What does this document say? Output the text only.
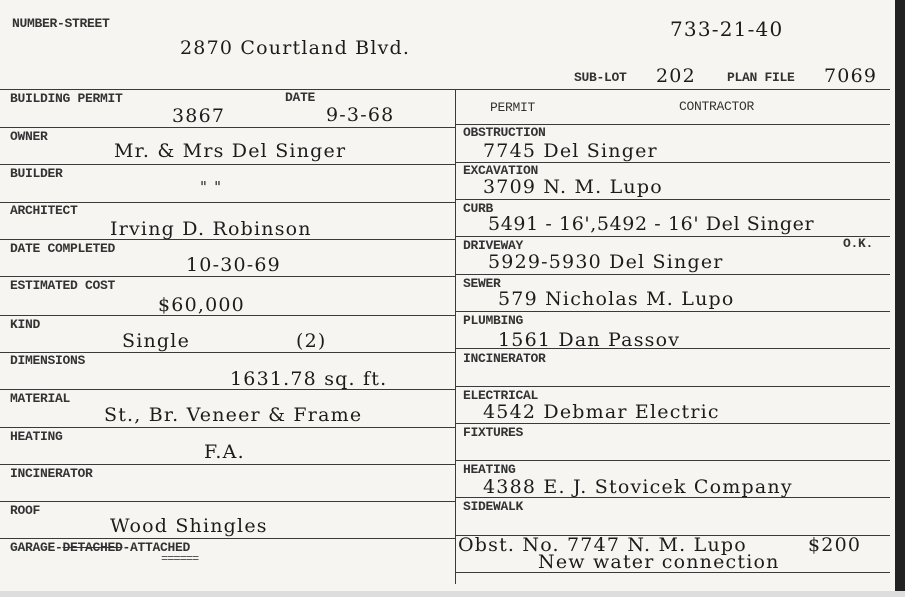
NUMBER-STREET
2870 Courtland Blvd.
733-21-40
SUB-LOT 202 PLAN FILE 7069
BUILDING PERMIT
3867
DATE
9-3-68
OWNER
Mr. & Mrs Del Singer
BUILDER
" "
ARCHITECT
Irving D. Robinson
DATE COMPLETED
10-30-69
ESTIMATED COST
$60,000
KIND
Single	(2)
DIMENSIONS
1631.78 sq. ft.
MATERIAL
St., Br. Veneer & Frame
HEATING
F.A.
INCINERATOR
ROOF
Wood Shingles
GARAGE-DETACHED-ATTACHED
======
PERMIT	CONTRACTOR
OBSTRUCTION
7745 Del Singer
EXCAVATION
3709 N. M. Lupo
CURB
5491 - 16',5492 - 16' Del Singer
DRIVEWAY	O.K.
5929-5930 Del Singer
SEWER
579 Nicholas M. Lupo
PLUMBING
1561 Dan Passov
INCINERATOR
ELECTRICAL
4542 Debmar Electric
FIXTURES
HEATING
4388 E. J. Stovicek Company
SIDEWALK
Obst. No. 7747 N. M. Lupo	$200
New water connection
